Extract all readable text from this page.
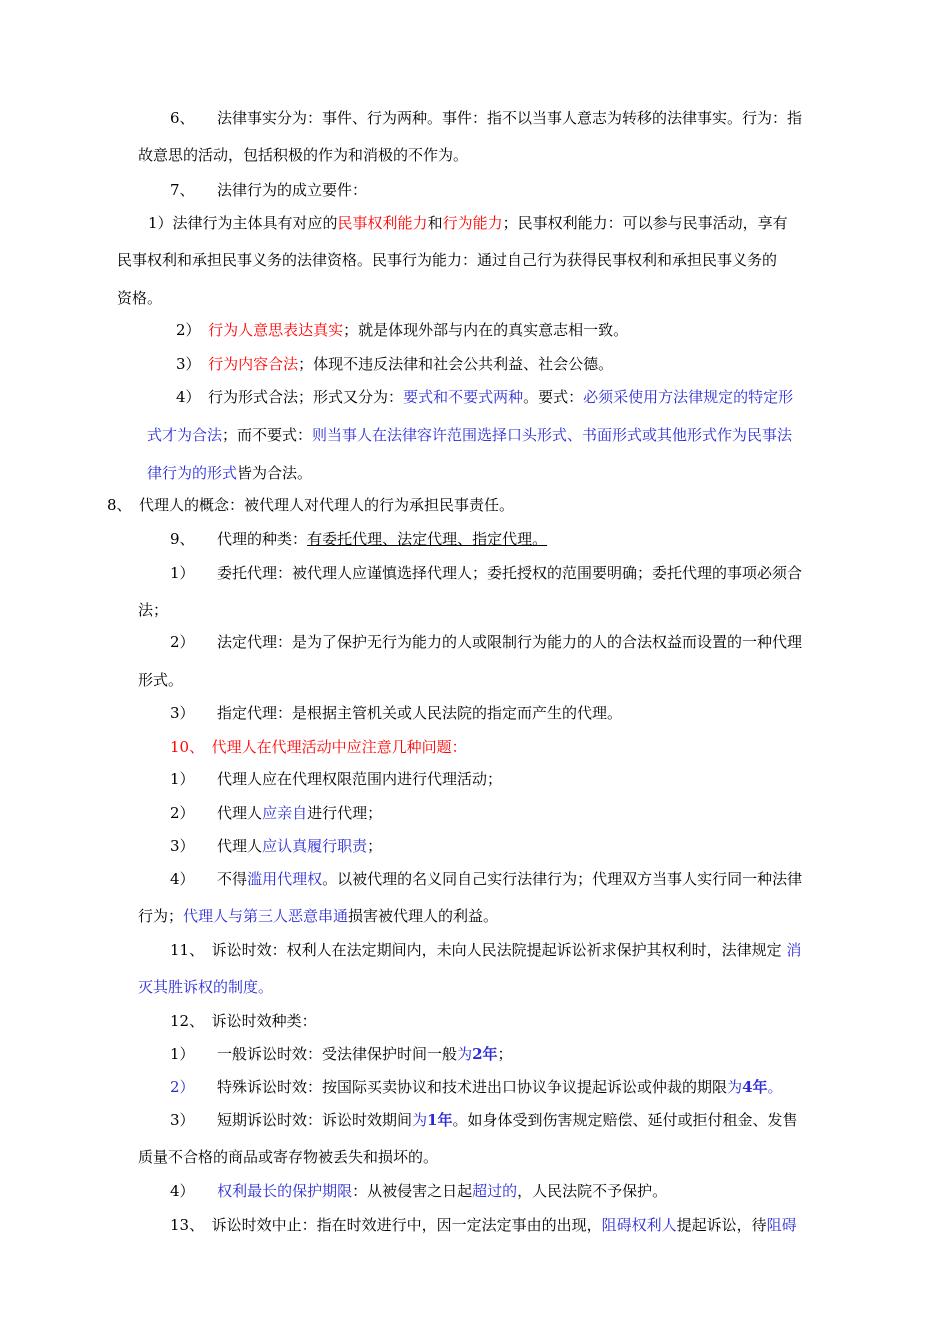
6、　　法律事实分为：事件、行为两种。事件：指不以当事人意志为转移的法律事实。行为：指
故意思的活动，包括积极的作为和消极的不作为。
7、　　法律行为的成立要件：
1）法律行为主体具有对应的民事权利能力和行为能力；民事权利能力：可以参与民事活动，享有
民事权利和承担民事义务的法律资格。民事行为能力：通过自己行为获得民事权利和承担民事义务的
资格。
2）　 行为人意思表达真实；就是体现外部与内在的真实意志相一致。
3）　 行为内容合法；体现不违反法律和社会公共利益、社会公德。
4）　行为形式合法；形式又分为：要式和不要式两种。要式：必须采使用方法律规定的特定形
式才为合法；而不要式：则当事人在法律容许范围选择口头形式、书面形式或其他形式作为民事法
律行为的形式皆为合法。
8、　代理人的概念：被代理人对代理人的行为承担民事责任。
9、　　代理的种类：有委托代理、法定代理、指定代理。
1）　　委托代理：被代理人应谨慎选择代理人；委托授权的范围要明确；委托代理的事项必须合
法；
2）　　法定代理：是为了保护无行为能力的人或限制行为能力的人的合法权益而设置的一种代理
形式。
3）　　指定代理：是根据主管机关或人民法院的指定而产生的代理。
10、　代理人在代理活动中应注意几种问题：
1）　　代理人应在代理权限范围内进行代理活动；
2）　　代理人应亲自进行代理；
3）　　代理人应认真履行职责；
4）　　不得滥用代理权。以被代理的名义同自己实行法律行为；代理双方当事人实行同一种法律
行为；代理人与第三人恶意串通损害被代理人的利益。
11、　诉讼时效：权利人在法定期间内，未向人民法院提起诉讼祈求保护其权利时，法律规定 消
灭其胜诉权的制度。
12、　诉讼时效种类：
1）　　一般诉讼时效：受法律保护时间一般为2年；
2）　　特殊诉讼时效：按国际买卖协议和技术进出口协议争议提起诉讼或仲裁的期限为4年。
3）　　短期诉讼时效：诉讼时效期间为1年。如身体受到伤害规定赔偿、延付或拒付租金、发售
质量不合格的商品或寄存物被丢失和损坏的。
4）　　 权利最长的保护期限：从被侵害之日起超过的，人民法院不予保护。
13、　诉讼时效中止：指在时效进行中，因一定法定事由的出现，阻碍权利人提起诉讼，待阻碍
